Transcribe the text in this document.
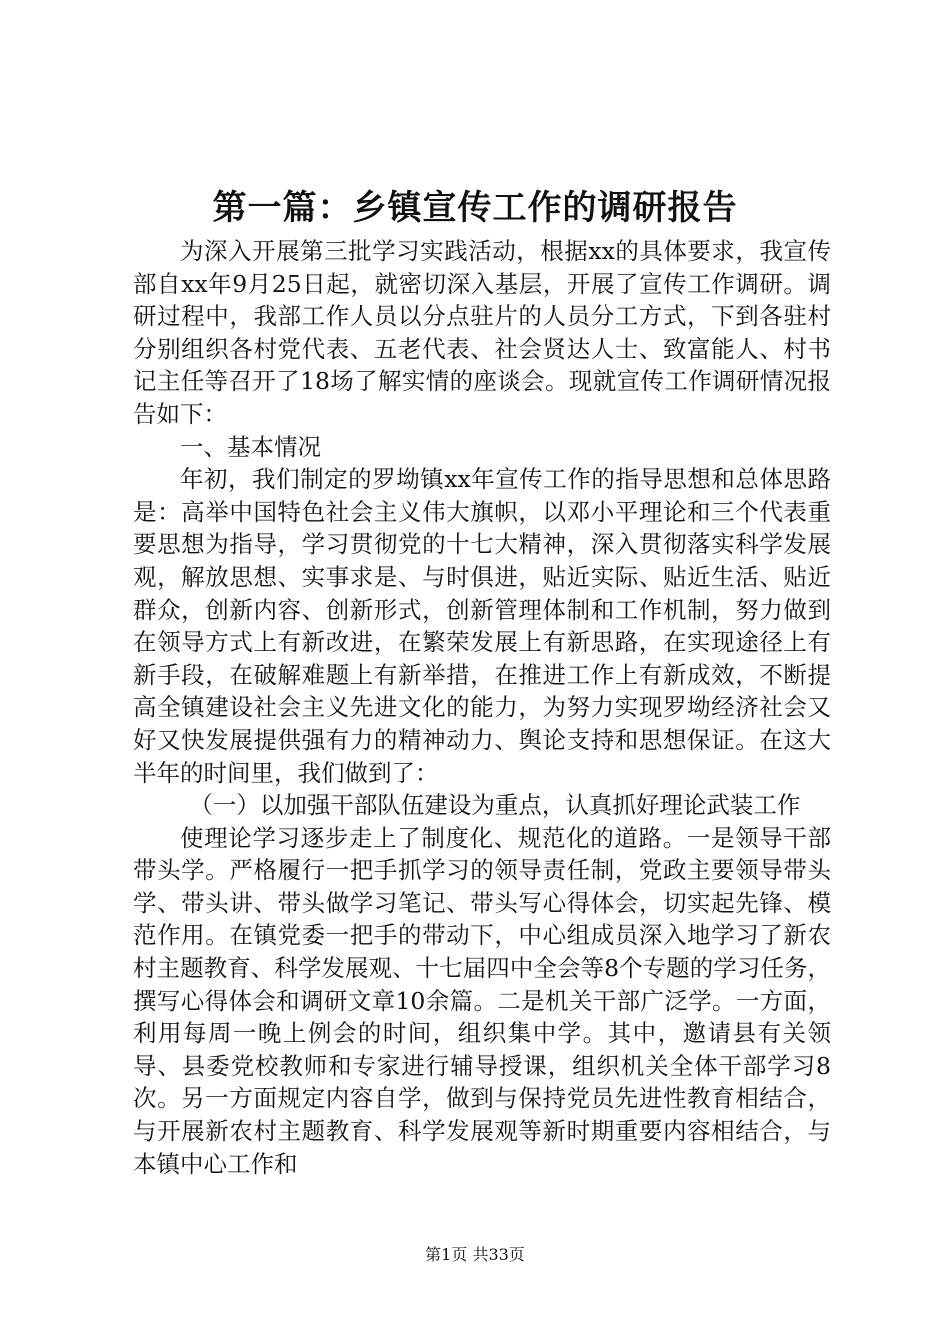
第一篇：乡镇宣传工作的调研报告

为深入开展第三批学习实践活动，根据xx的具体要求，我宣传部自xx年9月25日起，就密切深入基层，开展了宣传工作调研。调研过程中，我部工作人员以分点驻片的人员分工方式，下到各驻村分别组织各村党代表、五老代表、社会贤达人士、致富能人、村书记主任等召开了18场了解实情的座谈会。现就宣传工作调研情况报告如下：

一、基本情况

年初，我们制定的罗坳镇xx年宣传工作的指导思想和总体思路是：高举中国特色社会主义伟大旗帜，以邓小平理论和三个代表重要思想为指导，学习贯彻党的十七大精神，深入贯彻落实科学发展观，解放思想、实事求是、与时俱进，贴近实际、贴近生活、贴近群众，创新内容、创新形式，创新管理体制和工作机制，努力做到在领导方式上有新改进，在繁荣发展上有新思路，在实现途径上有新手段，在破解难题上有新举措，在推进工作上有新成效，不断提高全镇建设社会主义先进文化的能力，为努力实现罗坳经济社会又好又快发展提供强有力的精神动力、舆论支持和思想保证。在这大半年的时间里，我们做到了：

（一）以加强干部队伍建设为重点，认真抓好理论武装工作

使理论学习逐步走上了制度化、规范化的道路。一是领导干部带头学。严格履行一把手抓学习的领导责任制，党政主要领导带头学、带头讲、带头做学习笔记、带头写心得体会，切实起先锋、模范作用。在镇党委一把手的带动下，中心组成员深入地学习了新农村主题教育、科学发展观、十七届四中全会等8个专题的学习任务，撰写心得体会和调研文章10余篇。二是机关干部广泛学。一方面，利用每周一晚上例会的时间，组织集中学。其中，邀请县有关领导、县委党校教师和专家进行辅导授课，组织机关全体干部学习8次。另一方面规定内容自学，做到与保持党员先进性教育相结合，与开展新农村主题教育、科学发展观等新时期重要内容相结合，与本镇中心工作和

第1页 共33页
